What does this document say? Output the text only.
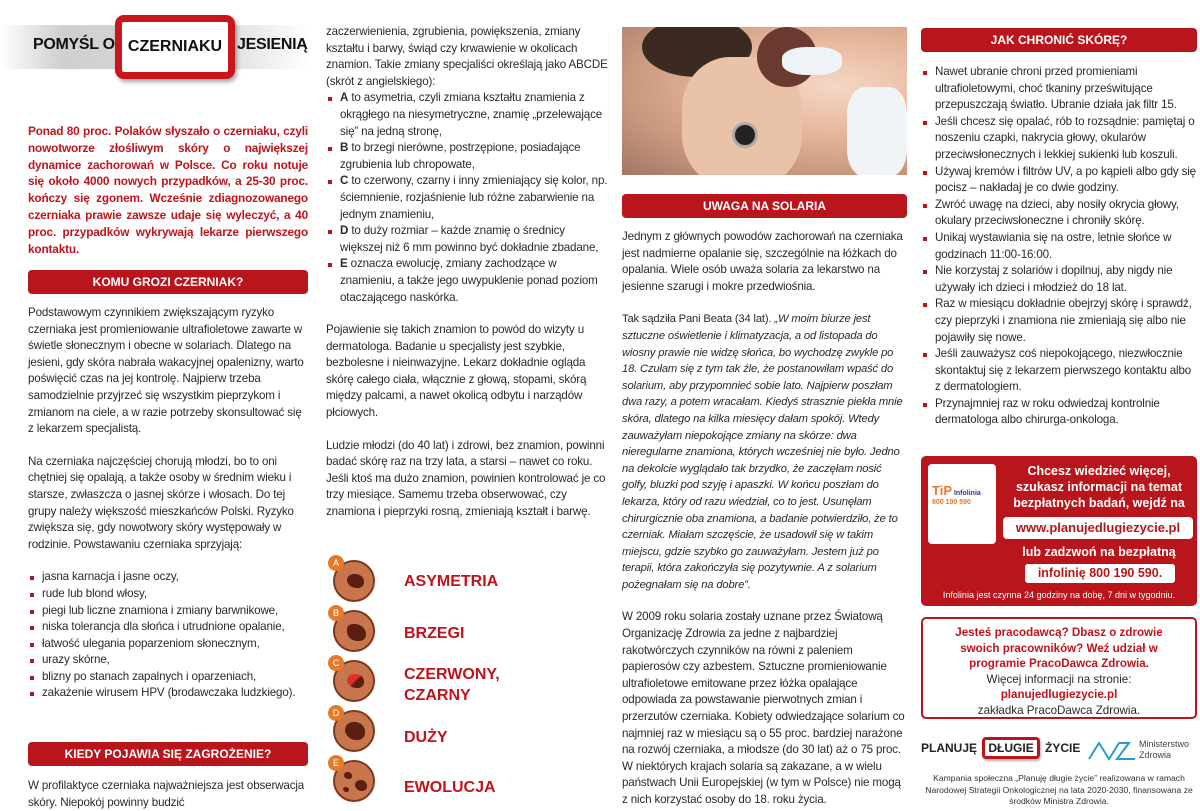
POMYŚL O CZERNIAKU JESIENIĄ

Ponad 80 proc. Polaków słyszało o czerniaku, czyli nowotworze złośliwym skóry o największej dynamice zachorowań w Polsce. Co roku notuje się około 4000 nowych przypadków, a 25-30 proc. kończy się zgonem. Wcześnie zdiagnozowanego czerniaka prawie zawsze udaje się wyleczyć, a 40 proc. przypadków wykrywają lekarze pierwszego kontaktu.

KOMU GROZI CZERNIAK?

Podstawowym czynnikiem zwiększającym ryzyko czerniaka jest promieniowanie ultrafioletowe zawarte w świetle słonecznym i obecne w solariach. Dlatego na jesieni, gdy skóra nabrała wakacyjnej opalenizny, warto poświęcić czas na jej kontrolę. Najpierw trzeba samodzielnie przyjrzeć się wszystkim pieprzykom i zmianom na ciele, a w razie potrzeby skonsultować się z lekarzem specjalistą.

Na czerniaka najczęściej chorują młodzi, bo to oni chętniej się opalają, a także osoby w średnim wieku i starsze, zwłaszcza o jasnej skórze i włosach. Do tej grupy należy większość mieszkańców Polski. Ryzyko zwiększa się, gdy nowotwory skóry występowały w rodzinie. Powstawaniu czerniaka sprzyjają:

jasna karnacja i jasne oczy,
rude lub blond włosy,
piegi lub liczne znamiona i zmiany barwnikowe,
niska tolerancja dla słońca i utrudnione opalanie,
łatwość ulegania poparzeniom słonecznym,
urazy skórne,
blizny po stanach zapalnych i oparzeniach,
zakażenie wirusem HPV (brodawczaka ludzkiego).
KIEDY POJAWIA SIĘ ZAGROŻENIE?

W profilaktyce czerniaka najważniejsza jest obserwacja skóry. Niepokój powinny budzić

zaczerwienienia, zgrubienia, powiększenia, zmiany kształtu i barwy, świąd czy krwawienie w okolicach znamion. Takie zmiany specjaliści określają jako ABCDE (skrót z angielskiego):

A to asymetria, czyli zmiana kształtu znamienia z okrągłego na niesymetryczne, znamię „przelewające się” na jedną stronę,
B to brzegi nierówne, postrzępione, posiadające zgrubienia lub chropowate,
C to czerwony, czarny i inny zmieniający się kolor, np. ściemnienie, rozjaśnienie lub różne zabarwienie na jednym znamieniu,
D to duży rozmiar – każde znamię o średnicy większej niż 6 mm powinno być dokładnie zbadane,
E oznacza ewolucję, zmiany zachodzące w znamieniu, a także jego uwypuklenie ponad poziom otaczającego naskórka.

Pojawienie się takich znamion to powód do wizyty u dermatologa. Badanie u specjalisty jest szybkie, bezbolesne i nieinwazyjne. Lekarz dokładnie ogląda skórę całego ciała, włącznie z głową, stopami, skórą między palcami, a nawet okolicą odbytu i narządów płciowych.

Ludzie młodzi (do 40 lat) i zdrowi, bez znamion, powinni badać skórę raz na trzy lata, a starsi – nawet co roku. Jeśli ktoś ma dużo znamion, powinien kontrolować je co trzy miesiące. Samemu trzeba obserwować, czy znamiona i pieprzyki rosną, zmieniają kształt i barwę.

A
ASYMETRIA
B
BRZEGI
C
CZERWONY, CZARNY
D
DUŻY
E
EWOLUCJA
UWAGA NA SOLARIA

Jednym z głównych powodów zachorowań na czerniaka jest nadmierne opalanie się, szczególnie na łóżkach do opalania. Wiele osób uważa solaria za lekarstwo na jesienne szarugi i mokre przedwiośnia.

Tak sądziła Pani Beata (34 lat). „W moim biurze jest sztuczne oświetlenie i klimatyzacja, a od listopada do wiosny prawie nie widzę słońca, bo wychodzę zwykle po 18. Czułam się z tym tak źle, że postanowiłam wpaść do solarium, aby przypomnieć sobie lato. Najpierw poszłam dwa razy, a potem wracałam. Kiedyś strasznie piekła mnie skóra, dlatego na kilka miesięcy dałam spokój. Wtedy zauważyłam niepokojące zmiany na skórze: dwa nieregularne znamiona, których wcześniej nie było. Jedno na dekolcie wyglądało tak brzydko, że zaczęłam nosić golfy, bluzki pod szyję i apaszki. W końcu poszłam do lekarza, który od razu wiedział, co to jest. Usunęłam chirurgicznie oba znamiona, a badanie potwierdziło, że to czerniak. Miałam szczęście, że usadowił się w takim miejscu, gdzie szybko go zauważyłam. Jestem już po terapii, która zakończyła się pozytywnie. A z solarium pożegnałam się na dobre”.

W 2009 roku solaria zostały uznane przez Światową Organizację Zdrowia za jedne z najbardziej rakotwórczych czynników na równi z paleniem papierosów czy azbestem. Sztuczne promieniowanie ultrafioletowe emitowane przez łóżka opalające odpowiada za powstawanie pierwotnych zmian i przerzutów czerniaka. Kobiety odwiedzające solarium co najmniej raz w miesiącu są o 55 proc. bardziej narażone na rozwój czerniaka, a młodsze (do 30 lat) aż o 75 proc. W niektórych krajach solaria są zakazane, a w wielu państwach Unii Europejskiej (w tym w Polsce) nie mogą z nich korzystać osoby do 18. roku życia.

JAK CHRONIĆ SKÓRĘ?
Nawet ubranie chroni przed promieniami ultrafioletowymi, choć tkaniny prześwitujące przepuszczają światło. Ubranie działa jak filtr 15.
Jeśli chcesz się opalać, rób to rozsądnie: pamiętaj o noszeniu czapki, nakrycia głowy, okularów przeciwsłonecznych i lekkiej sukienki lub koszuli.
Używaj kremów i filtrów UV, a po kąpieli albo gdy się pocisz – nakładaj je co dwie godziny.
Zwróć uwagę na dzieci, aby nosiły okrycia głowy, okulary przeciwsłoneczne i chroniły skórę.
Unikaj wystawiania się na ostre, letnie słońce w godzinach 11:00-16:00.
Nie korzystaj z solariów i dopilnuj, aby nigdy nie używały ich dzieci i młodzież do 18 lat.
Raz w miesiącu dokładnie obejrzyj skórę i sprawdź, czy pieprzyki i znamiona nie zmieniają się albo nie pojawiły się nowe.
Jeśli zauważysz coś niepokojącego, niezwłocznie skontaktuj się z lekarzem pierwszego kontaktu albo z dermatologiem.
Przynajmniej raz w roku odwiedzaj kontrolnie dermatologa albo chirurga-onkologa.
TiP Infolinia
800 190 590
Chcesz wiedzieć więcej, szukasz informacji na temat bezpłatnych badań, wejdź na
www.planujedlugiezycie.pl
lub zadzwoń na bezpłatną
infolinię 800 190 590.
Infolinia jest czynna 24 godziny na dobę, 7 dni w tygodniu.

Jesteś pracodawcą? Dbasz o zdrowie swoich pracowników? Weź udział w programie PracoDawca Zdrowia.

Więcej informacji na stronie:

planujedlugiezycie.pl

zakładka PracoDawca Zdrowia.

PLANUJĘ DŁUGIE ŻYCIE	Ministerstwo
Zdrowia

Kampania społeczna „Planuję długie życie” realizowana w ramach Narodowej Strategii Onkologicznej na lata 2020-2030, finansowana ze środków Ministra Zdrowia.
